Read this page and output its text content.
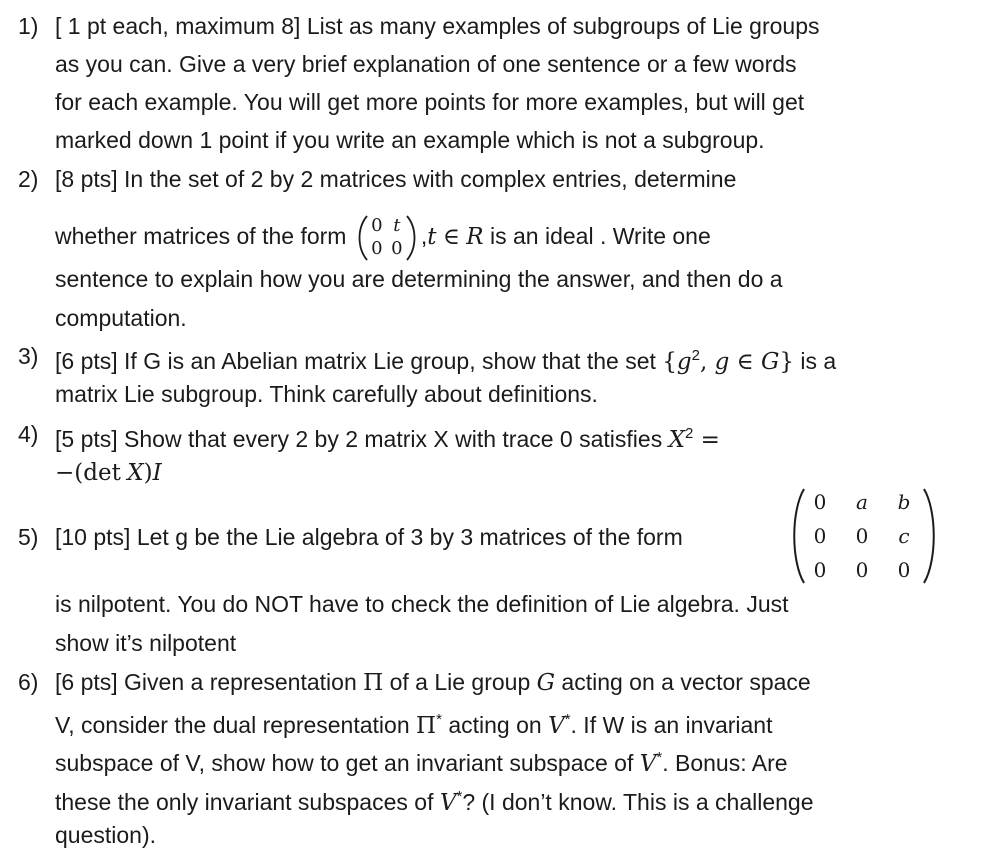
1) [ 1 pt each, maximum 8] List as many examples of subgroups of Lie groups
as you can. Give a very brief explanation of one sentence or a few words
for each example. You will get more points for more examples, but will get
marked down 1 point if you write an example which is not a subgroup.
2) [8 pts] In the set of 2 by 2 matrices with complex entries, determine
whether matrices of the form 0 t
0 0 ,t ∈ R is an ideal . Write one
sentence to explain how you are determining the answer, and then do a
computation.
3) [6 pts] If G is an Abelian matrix Lie group, show that the set {$g^2$, g ∈ G} is a
matrix Lie subgroup. Think carefully about definitions.
4) [5 pts] Show that every 2 by 2 matrix X with trace 0 satisfies $X^2$ =
−(det X)I
5) [10 pts] Let g be the Lie algebra of 3 by 3 matrices of the form
0	a	b
0 0	c
0 0 0
is nilpotent. You do NOT have to check the definition of Lie algebra. Just
show it’s nilpotent
6) [6 pts] Given a representation Π of a Lie group G acting on a vector space
V, consider the dual representation Π* acting on V*. If W is an invariant
subspace of V, show how to get an invariant subspace of V*. Bonus: Are
these the only invariant subspaces of V*? (I don’t know. This is a challenge
question).
